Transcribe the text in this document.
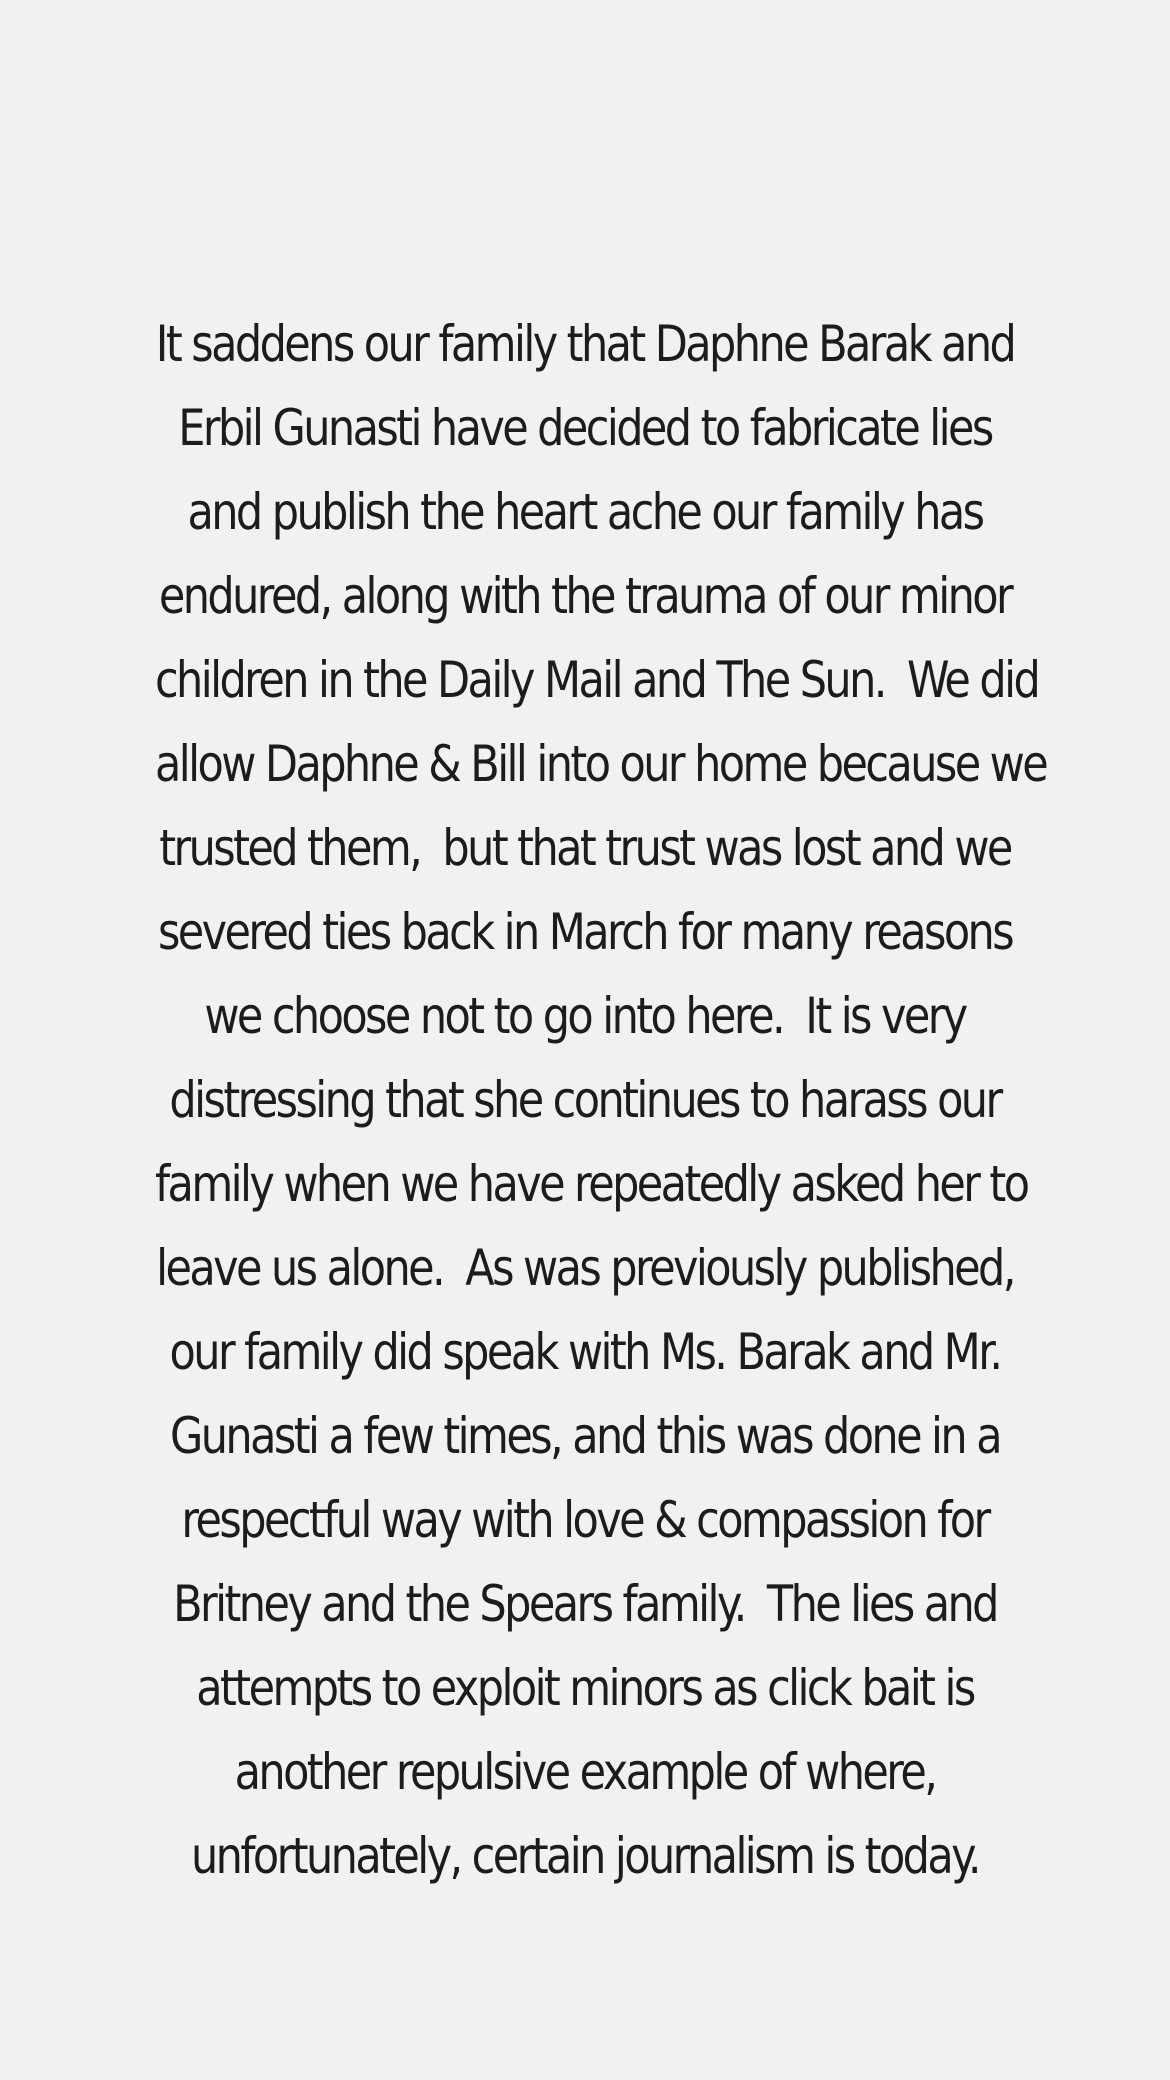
It saddens our family that Daphne Barak and
Erbil Gunasti have decided to fabricate lies
and publish the heart ache our family has
endured, along with the trauma of our minor
children in the Daily Mail and The Sun.  We did
allow Daphne & Bill into our home because we
trusted them,  but that trust was lost and we
severed ties back in March for many reasons
we choose not to go into here.  It is very
distressing that she continues to harass our
family when we have repeatedly asked her to
leave us alone.  As was previously published,
our family did speak with Ms. Barak and Mr.
Gunasti a few times, and this was done in a
respectful way with love & compassion for
Britney and the Spears family.  The lies and
attempts to exploit minors as click bait is
another repulsive example of where,
unfortunately, certain journalism is today.
